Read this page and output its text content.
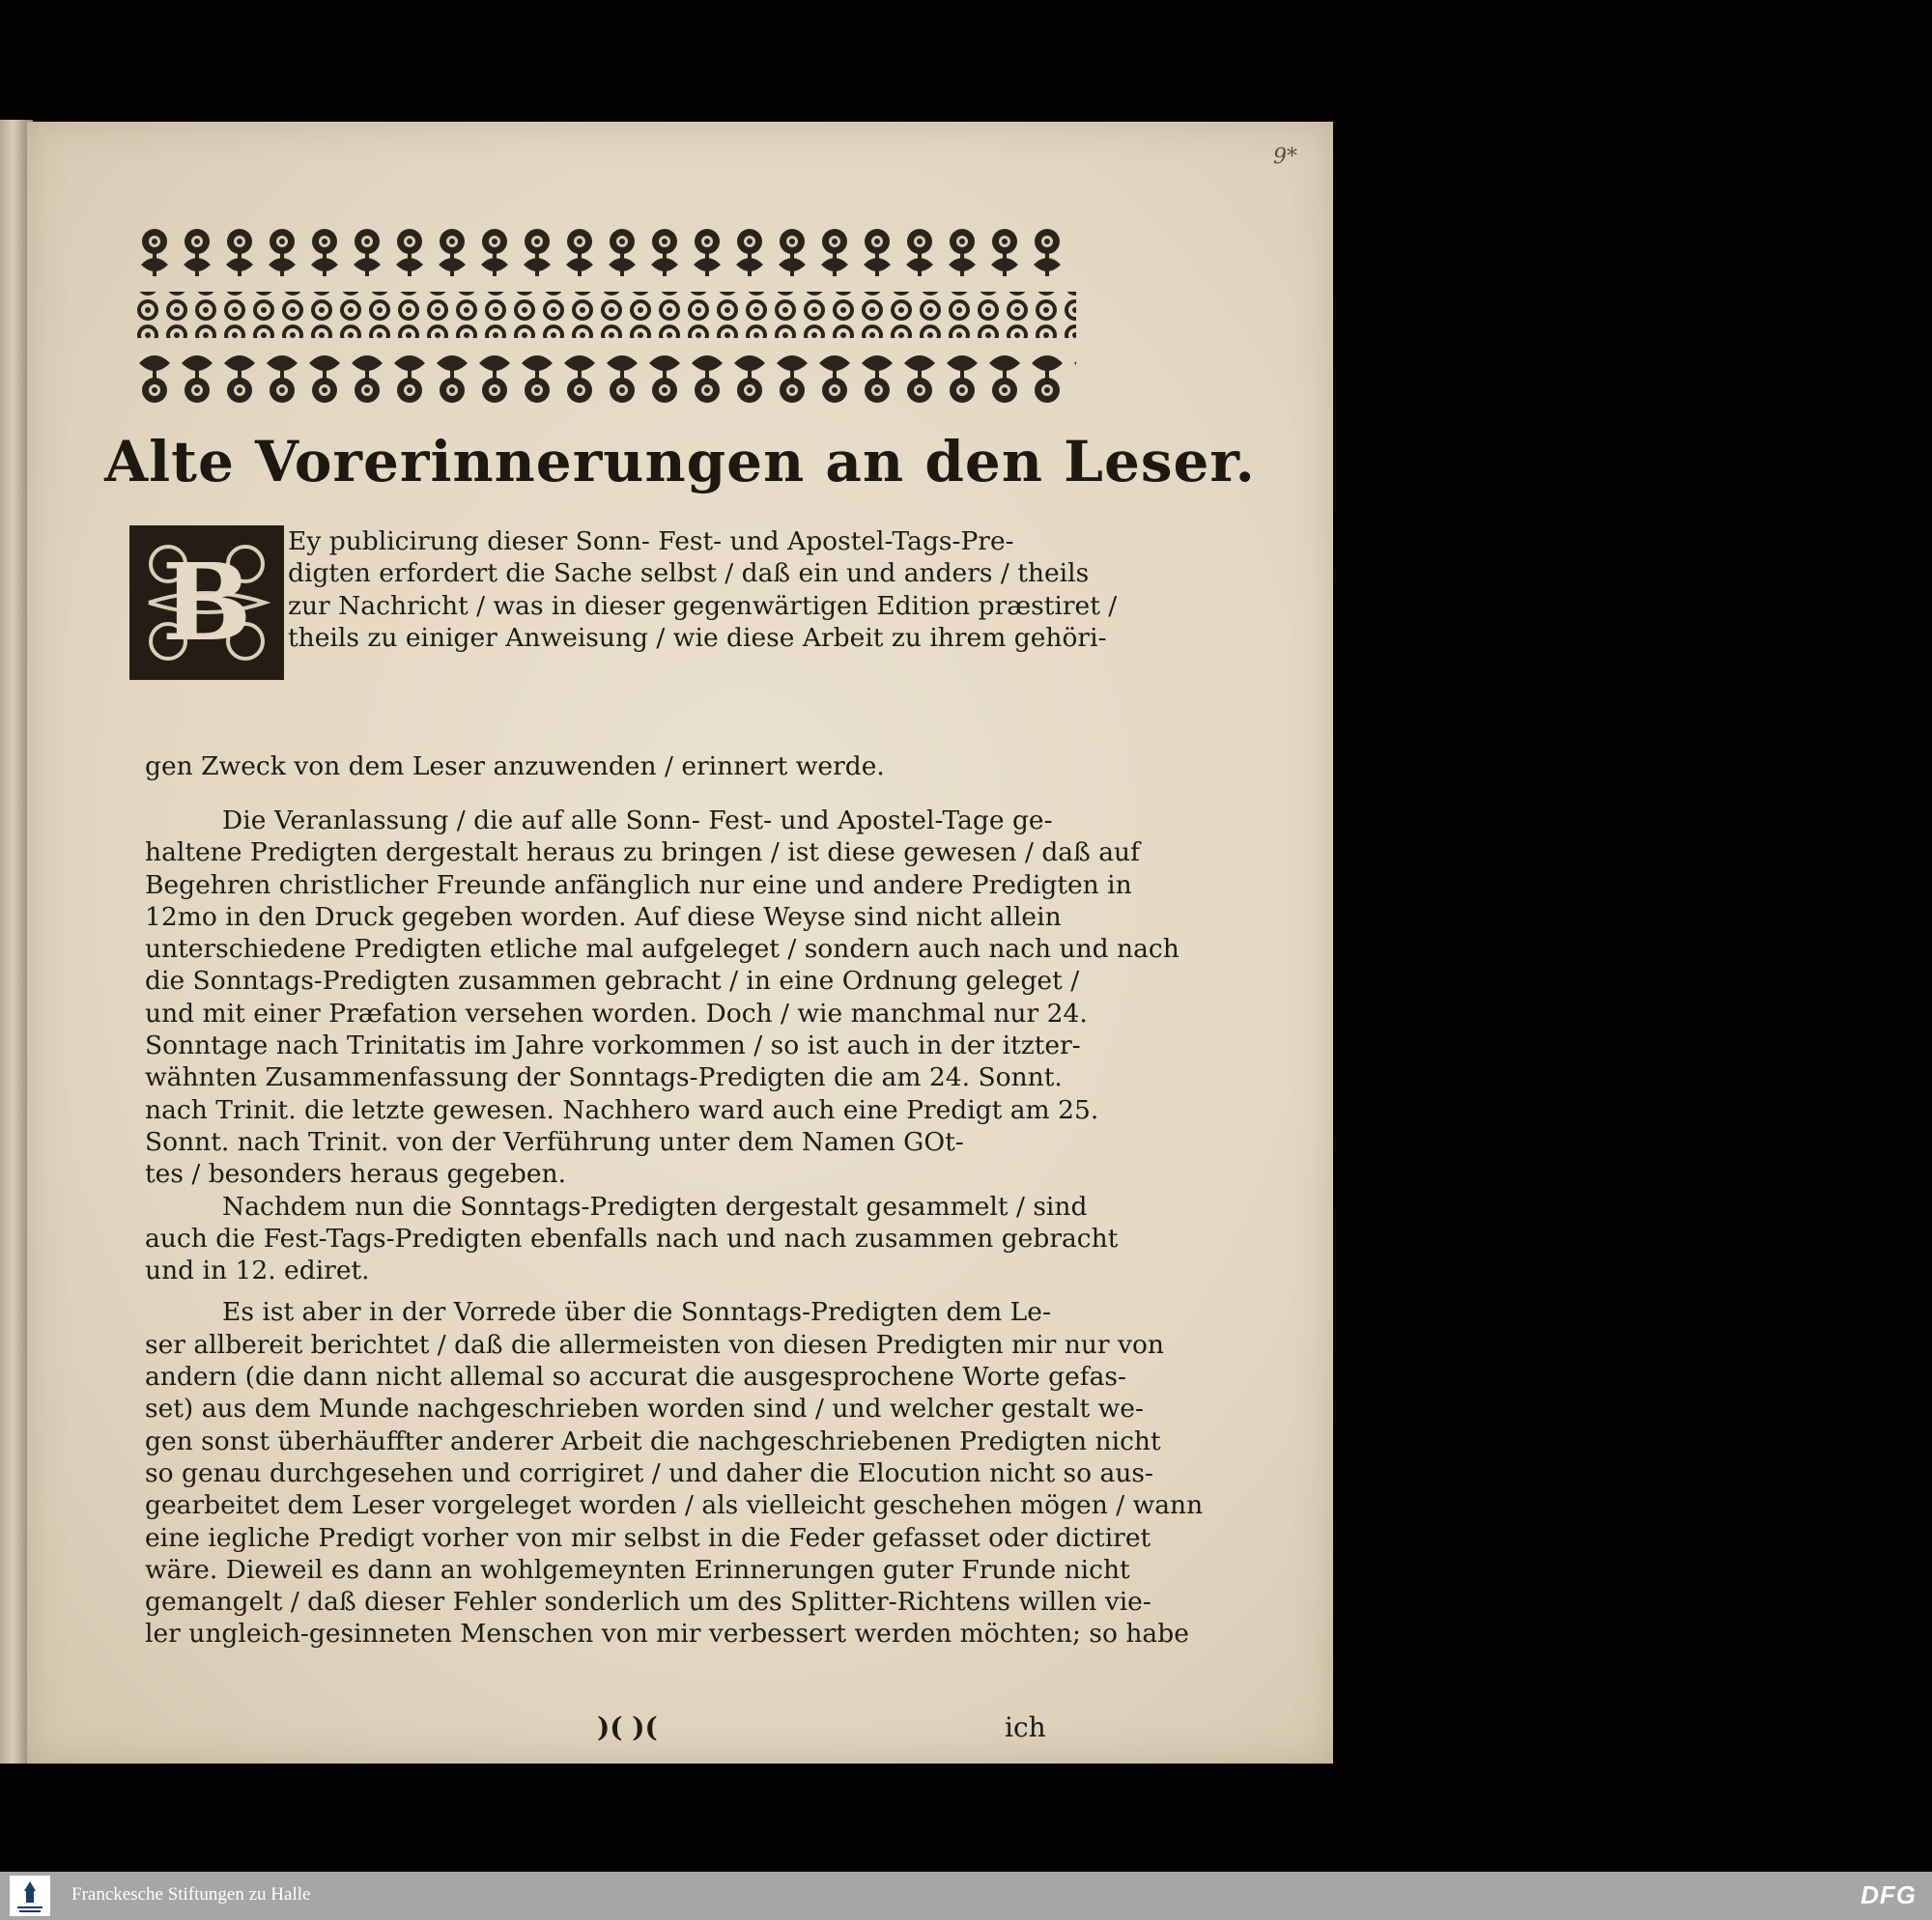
9*
Alte Vorerinnerungen an den Leser.
B Ey publicirung dieser Sonn- Fest- und Apostel-Tags-Pre-
digten erfordert die Sache selbst / daß ein und anders / theils
zur Nachricht / was in dieser gegenwärtigen Edition præstiret /
theils zu einiger Anweisung / wie diese Arbeit zu ihrem gehöri-
gen Zweck von dem Leser anzuwenden / erinnert werde.
Die Veranlassung / die auf alle Sonn- Fest- und Apostel-Tage ge-
haltene Predigten dergestalt heraus zu bringen / ist diese gewesen / daß auf
Begehren christlicher Freunde anfänglich nur eine und andere Predigten in
12mo in den Druck gegeben worden. Auf diese Weyse sind nicht allein
unterschiedene Predigten etliche mal aufgeleget / sondern auch nach und nach
die Sonntags-Predigten zusammen gebracht / in eine Ordnung geleget /
und mit einer Præfation versehen worden. Doch / wie manchmal nur 24.
Sonntage nach Trinitatis im Jahre vorkommen / so ist auch in der itzter-
wähnten Zusammenfassung der Sonntags-Predigten die am 24. Sonnt.
nach Trinit. die letzte gewesen. Nachhero ward auch eine Predigt am 25.
Sonnt. nach Trinit. von der Verführung unter dem Namen GOt-
tes / besonders heraus gegeben.
Nachdem nun die Sonntags-Predigten dergestalt gesammelt / sind
auch die Fest-Tags-Predigten ebenfalls nach und nach zusammen gebracht
und in 12. ediret.
Es ist aber in der Vorrede über die Sonntags-Predigten dem Le-
ser allbereit berichtet / daß die allermeisten von diesen Predigten mir nur von
andern (die dann nicht allemal so accurat die ausgesprochene Worte gefas-
set) aus dem Munde nachgeschrieben worden sind / und welcher gestalt we-
gen sonst überhäuffter anderer Arbeit die nachgeschriebenen Predigten nicht
so genau durchgesehen und corrigiret / und daher die Elocution nicht so aus-
gearbeitet dem Leser vorgeleget worden / als vielleicht geschehen mögen / wann
eine iegliche Predigt vorher von mir selbst in die Feder gefasset oder dictiret
wäre. Dieweil es dann an wohlgemeynten Erinnerungen guter Frunde nicht
gemangelt / daß dieser Fehler sonderlich um des Splitter-Richtens willen vie-
ler ungleich-gesinneten Menschen von mir verbessert werden möchten; so habe
)( )(	ich
Franckesche Stiftungen zu Halle	DFG
